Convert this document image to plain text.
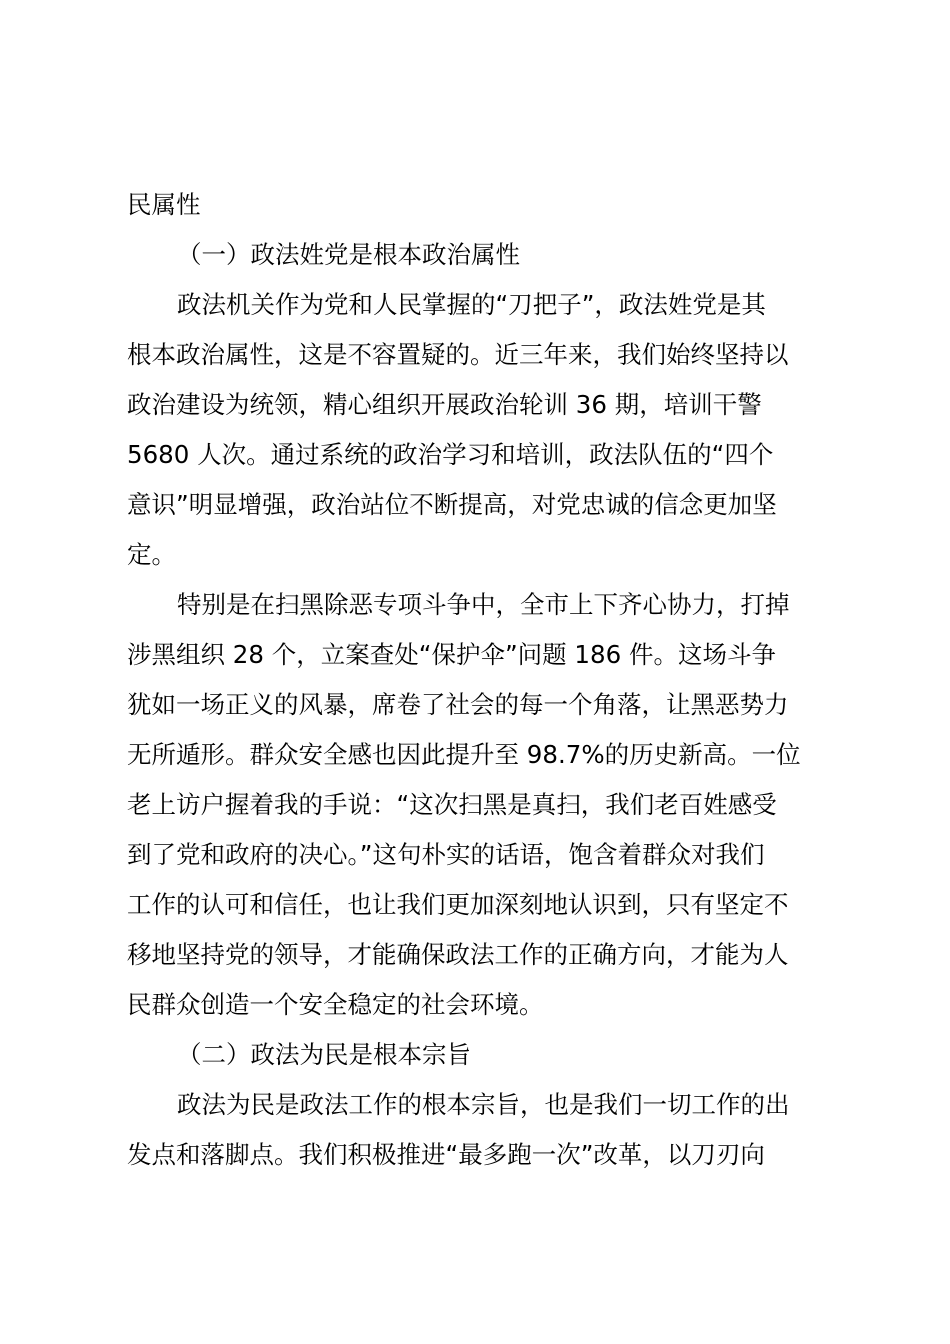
民属性
（一）政法姓党是根本政治属性
政法机关作为党和人民掌握的“刀把子”，政法姓党是其
根本政治属性，这是不容置疑的。近三年来，我们始终坚持以
政治建设为统领，精心组织开展政治轮训 36 期，培训干警
5680 人次。通过系统的政治学习和培训，政法队伍的“四个
意识”明显增强，政治站位不断提高，对党忠诚的信念更加坚
定。
特别是在扫黑除恶专项斗争中，全市上下齐心协力，打掉
涉黑组织 28 个，立案查处“保护伞”问题 186 件。这场斗争
犹如一场正义的风暴，席卷了社会的每一个角落，让黑恶势力
无所遁形。群众安全感也因此提升至 98.7%的历史新高。一位
老上访户握着我的手说：“这次扫黑是真扫，我们老百姓感受
到了党和政府的决心。”这句朴实的话语，饱含着群众对我们
工作的认可和信任，也让我们更加深刻地认识到，只有坚定不
移地坚持党的领导，才能确保政法工作的正确方向，才能为人
民群众创造一个安全稳定的社会环境。
（二）政法为民是根本宗旨
政法为民是政法工作的根本宗旨，也是我们一切工作的出
发点和落脚点。我们积极推进“最多跑一次”改革，以刀刃向
